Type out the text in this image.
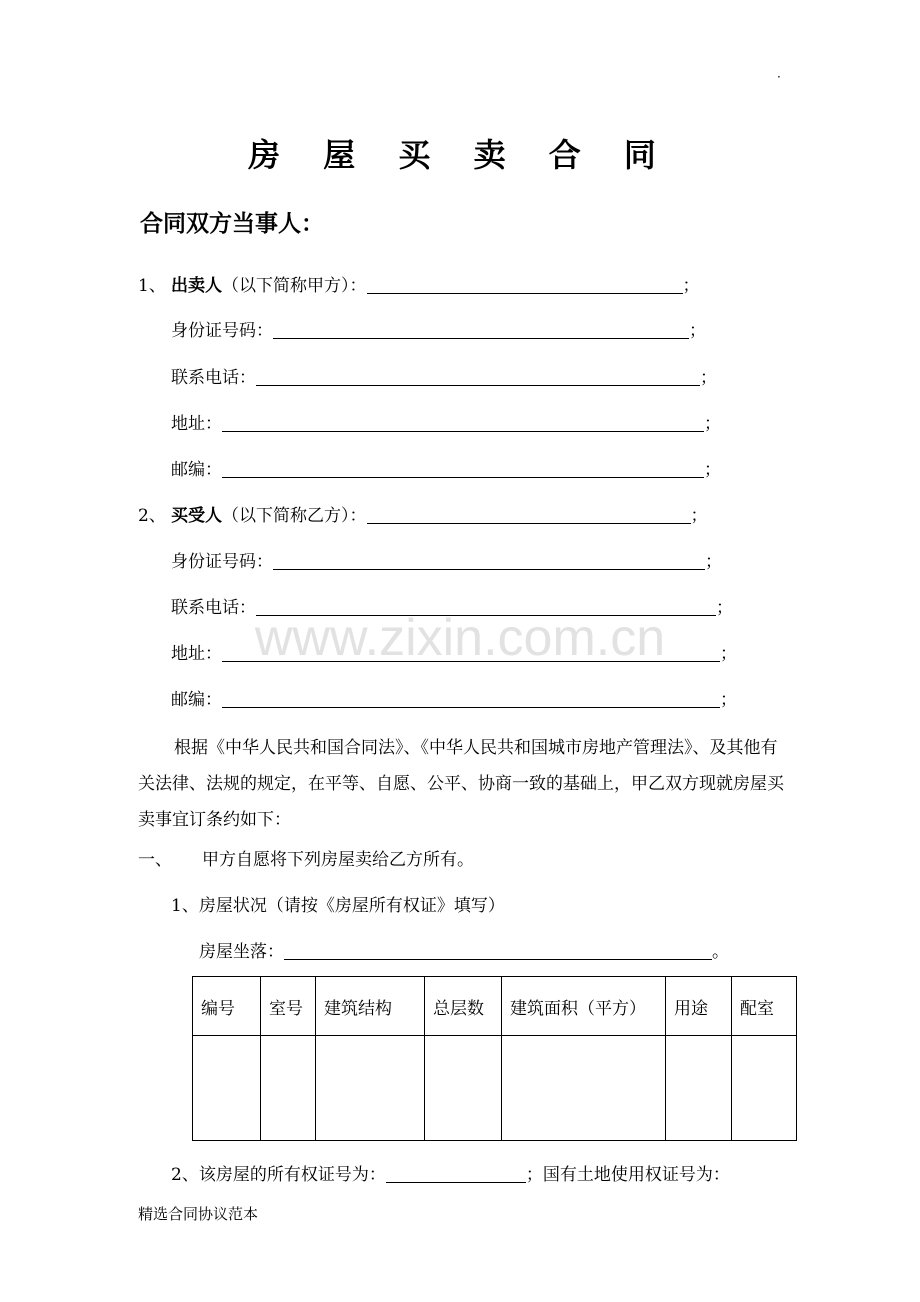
·
房 屋 买 卖 合 同
合同双方当事人：
1、 出卖人（以下简称甲方）：	；
身份证号码：	；
联系电话：	；
地址：	；
邮编：	；
2、 买受人（以下简称乙方）：	；
身份证号码：	；
联系电话：	；
地址：	；
邮编：	；
www.zixin.com.cn
根据《中华人民共和国合同法》、《中华人民共和国城市房地产管理法》、及其他有关法律、法规的规定，在平等、自愿、公平、协商一致的基础上，甲乙双方现就房屋买卖事宜订条约如下：
一、 甲方自愿将下列房屋卖给乙方所有。
1、房屋状况（请按《房屋所有权证》填写）
房屋坐落：	。
编号	室号	建筑结构	总层数	建筑面积（平方）	用途	配室

2、该房屋的所有权证号为：	；国有土地使用权证号为：
精选合同协议范本
